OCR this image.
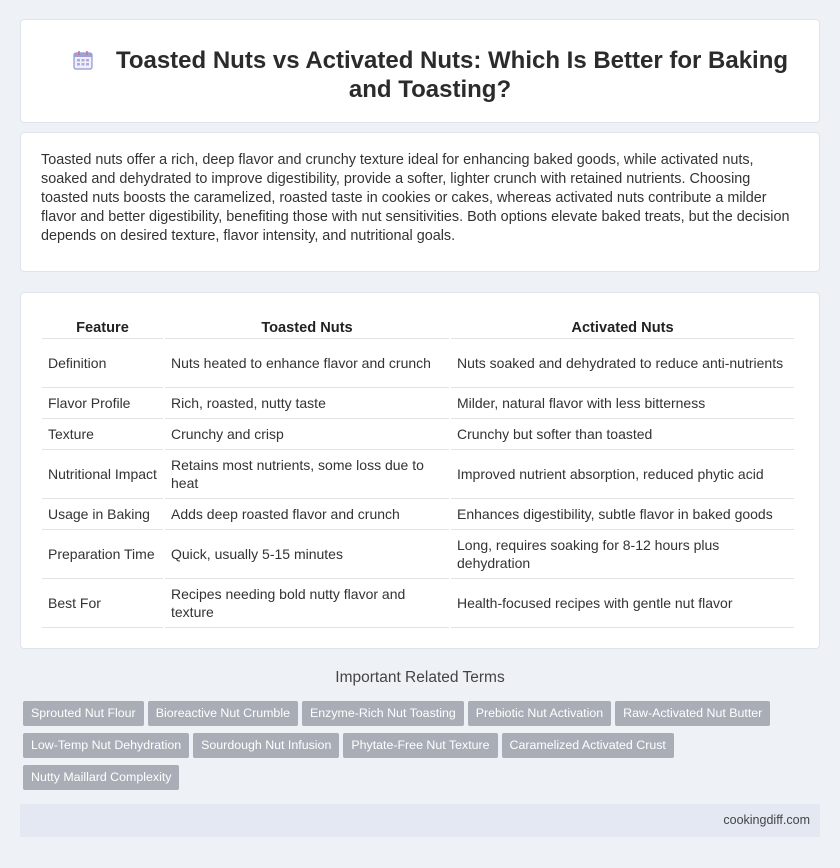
Toasted Nuts vs Activated Nuts: Which Is Better for Baking and Toasting?

Toasted nuts offer a rich, deep flavor and crunchy texture ideal for enhancing baked goods, while activated nuts, soaked and dehydrated to improve digestibility, provide a softer, lighter crunch with retained nutrients. Choosing toasted nuts boosts the caramelized, roasted taste in cookies or cakes, whereas activated nuts contribute a milder flavor and better digestibility, benefiting those with nut sensitivities. Both options elevate baked treats, but the decision depends on desired texture, flavor intensity, and nutritional goals.

Feature	Toasted Nuts	Activated Nuts
Definition	Nuts heated to enhance flavor and crunch	Nuts soaked and dehydrated to reduce anti-nutrients
Flavor Profile	Rich, roasted, nutty taste	Milder, natural flavor with less bitterness
Texture	Crunchy and crisp	Crunchy but softer than toasted
Nutritional Impact	Retains most nutrients, some loss due to heat	Improved nutrient absorption, reduced phytic acid
Usage in Baking	Adds deep roasted flavor and crunch	Enhances digestibility, subtle flavor in baked goods
Preparation Time	Quick, usually 5-15 minutes	Long, requires soaking for 8-12 hours plus dehydration
Best For	Recipes needing bold nutty flavor and texture	Health-focused recipes with gentle nut flavor
Important Related Terms
Sprouted Nut Flour Bioreactive Nut Crumble Enzyme-Rich Nut Toasting Prebiotic Nut Activation Raw-Activated Nut Butter
Low-Temp Nut Dehydration Sourdough Nut Infusion Phytate-Free Nut Texture Caramelized Activated Crust
Nutty Maillard Complexity
cookingdiff.com
